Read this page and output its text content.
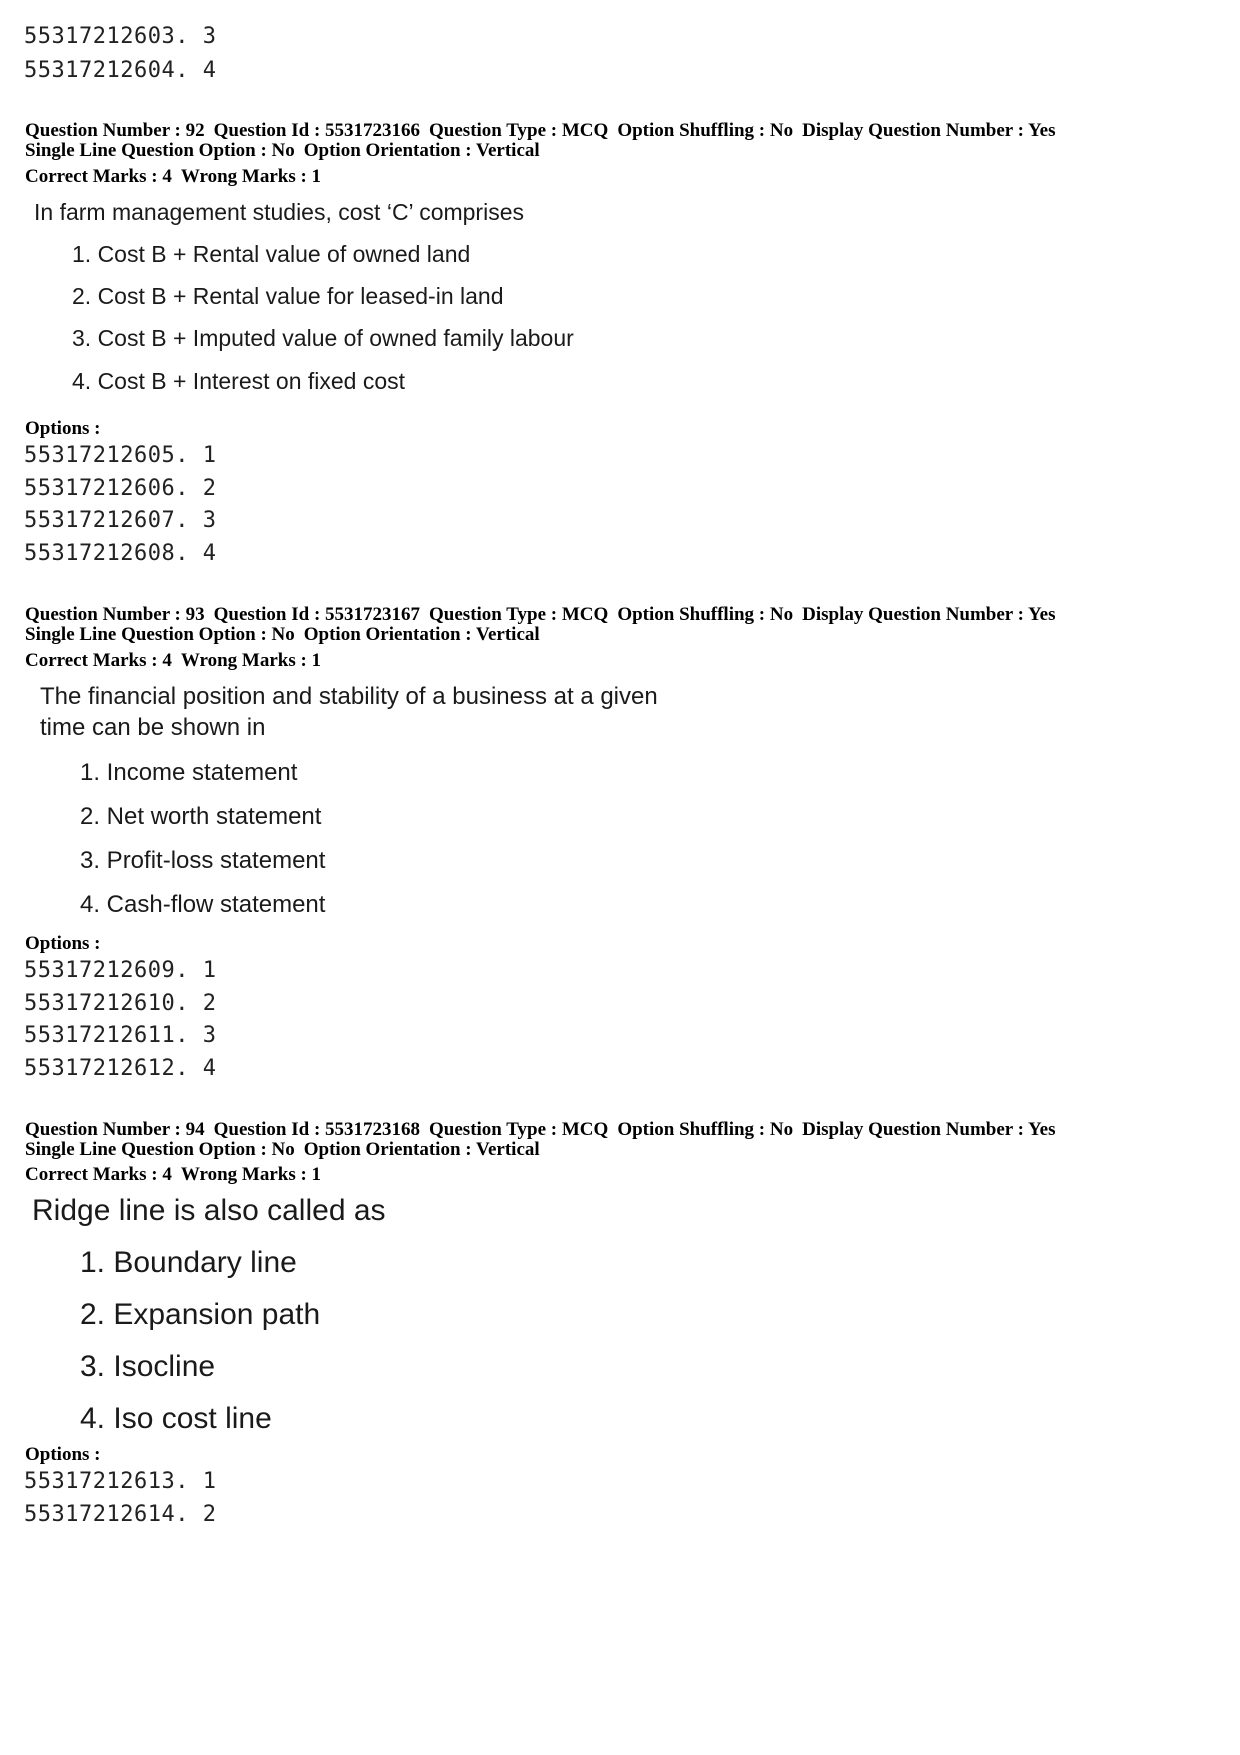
55317212603. 3
55317212604. 4
Question Number : 92 Question Id : 5531723166 Question Type : MCQ Option Shuffling : No Display Question Number : Yes
Single Line Question Option : No Option Orientation : Vertical
Correct Marks : 4 Wrong Marks : 1
In farm management studies, cost ‘C’ comprises
1. Cost B + Rental value of owned land
2. Cost B + Rental value for leased-in land
3. Cost B + Imputed value of owned family labour
4. Cost B + Interest on fixed cost
Options :
55317212605. 1
55317212606. 2
55317212607. 3
55317212608. 4
Question Number : 93 Question Id : 5531723167 Question Type : MCQ Option Shuffling : No Display Question Number : Yes
Single Line Question Option : No Option Orientation : Vertical
Correct Marks : 4 Wrong Marks : 1
The financial position and stability of a business at a given
time can be shown in
1. Income statement
2. Net worth statement
3. Profit-loss statement
4. Cash-flow statement
Options :
55317212609. 1
55317212610. 2
55317212611. 3
55317212612. 4
Question Number : 94 Question Id : 5531723168 Question Type : MCQ Option Shuffling : No Display Question Number : Yes
Single Line Question Option : No Option Orientation : Vertical
Correct Marks : 4 Wrong Marks : 1
Ridge line is also called as
1. Boundary line
2. Expansion path
3. Isocline
4. Iso cost line
Options :
55317212613. 1
55317212614. 2
